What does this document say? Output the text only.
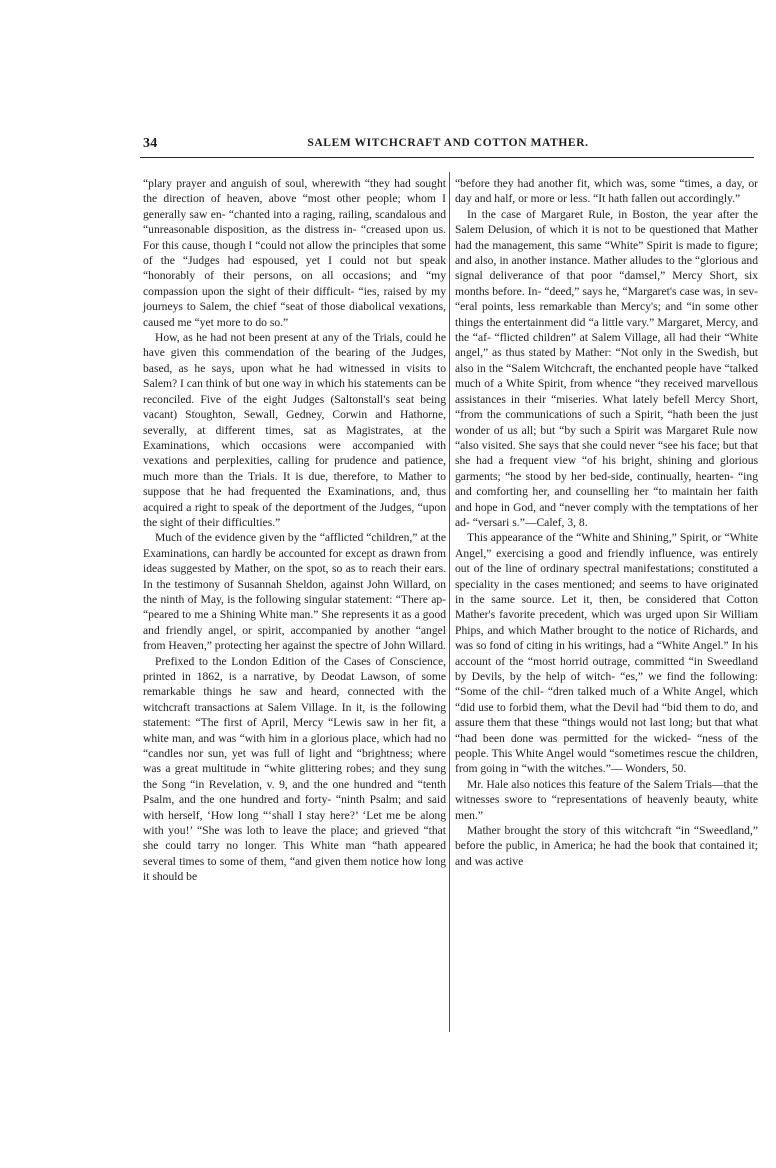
34	SALEM WITCHCRAFT AND COTTON MATHER.

“plary prayer and anguish of soul, wherewith “they had sought the direction of heaven, above “most other people; whom I generally saw en- “chanted into a raging, railing, scandalous and “unreasonable disposition, as the distress in- “creased upon us. For this cause, though I “could not allow the principles that some of the “Judges had espoused, yet I could not but speak “honorably of their persons, on all occasions; and “my compassion upon the sight of their difficult- “ies, raised by my journeys to Salem, the chief “seat of those diabolical vexations, caused me “yet more to do so.”

How, as he had not been present at any of the Trials, could he have given this commendation of the bearing of the Judges, based, as he says, upon what he had witnessed in visits to Salem? I can think of but one way in which his statements can be reconciled. Five of the eight Judges (Saltonstall's seat being vacant) Stoughton, Sewall, Gedney, Corwin and Hathorne, severally, at different times, sat as Magistrates, at the Examinations, which occasions were accompanied with vexations and perplexities, calling for prudence and patience, much more than the Trials. It is due, therefore, to Mather to suppose that he had frequented the Examinations, and, thus acquired a right to speak of the deportment of the Judges, “upon the sight of their difficulties.”

Much of the evidence given by the “afflicted “children,” at the Examinations, can hardly be accounted for except as drawn from ideas suggested by Mather, on the spot, so as to reach their ears. In the testimony of Susannah Sheldon, against John Willard, on the ninth of May, is the following singular statement: “There ap- “peared to me a Shining White man.” She represents it as a good and friendly angel, or spirit, accompanied by another “angel from Heaven,” protecting her against the spectre of John Willard.

Prefixed to the London Edition of the Cases of Conscience, printed in 1862, is a narrative, by Deodat Lawson, of some remarkable things he saw and heard, connected with the witchcraft transactions at Salem Village. In it, is the following statement: “The first of April, Mercy “Lewis saw in her fit, a white man, and was “with him in a glorious place, which had no “candles nor sun, yet was full of light and “brightness; where was a great multitude in “white glittering robes; and they sung the Song “in Revelation, v. 9, and the one hundred and “tenth Psalm, and the one hundred and forty- “ninth Psalm; and said with herself, ‘How long “‘shall I stay here?’ ‘Let me be along with you!’ “She was loth to leave the place; and grieved “that she could tarry no longer. This White man “hath appeared several times to some of them, “and given them notice how long it should be

“before they had another fit, which was, some “times, a day, or day and half, or more or less. “It hath fallen out accordingly.”

In the case of Margaret Rule, in Boston, the year after the Salem Delusion, of which it is not to be questioned that Mather had the management, this same “White” Spirit is made to figure; and also, in another instance. Mather alludes to the “glorious and signal deliverance of that poor “damsel,” Mercy Short, six months before. In- “deed,” says he, “Margaret's case was, in sev- “eral points, less remarkable than Mercy's; and “in some other things the entertainment did “a little vary.” Margaret, Mercy, and the “af- “flicted children” at Salem Village, all had their “White angel,” as thus stated by Mather: “Not only in the Swedish, but also in the “Salem Witchcraft, the enchanted people have “talked much of a White Spirit, from whence “they received marvellous assistances in their “miseries. What lately befell Mercy Short, “from the communications of such a Spirit, “hath been the just wonder of us all; but “by such a Spirit was Margaret Rule now “also visited. She says that she could never “see his face; but that she had a frequent view “of his bright, shining and glorious garments; “he stood by her bed-side, continually, hearten- “ing and comforting her, and counselling her “to maintain her faith and hope in God, and “never comply with the temptations of her ad- “versari s.”—Calef, 3, 8.

This appearance of the “White and Shining,” Spirit, or “White Angel,” exercising a good and friendly influence, was entirely out of the line of ordinary spectral manifestations; constituted a speciality in the cases mentioned; and seems to have originated in the same source. Let it, then, be considered that Cotton Mather's favorite precedent, which was urged upon Sir William Phips, and which Mather brought to the notice of Richards, and was so fond of citing in his writings, had a “White Angel.” In his account of the “most horrid outrage, committed “in Sweedland by Devils, by the help of witch- “es,” we find the following: “Some of the chil- “dren talked much of a White Angel, which “did use to forbid them, what the Devil had “bid them to do, and assure them that these “things would not last long; but that what “had been done was permitted for the wicked- “ness of the people. This White Angel would “sometimes rescue the children, from going in “with the witches.”— Wonders, 50.

Mr. Hale also notices this feature of the Salem Trials—that the witnesses swore to “representations of heavenly beauty, white men.”

Mather brought the story of this witchcraft “in “Sweedland,” before the public, in America; he had the book that contained it; and was active
